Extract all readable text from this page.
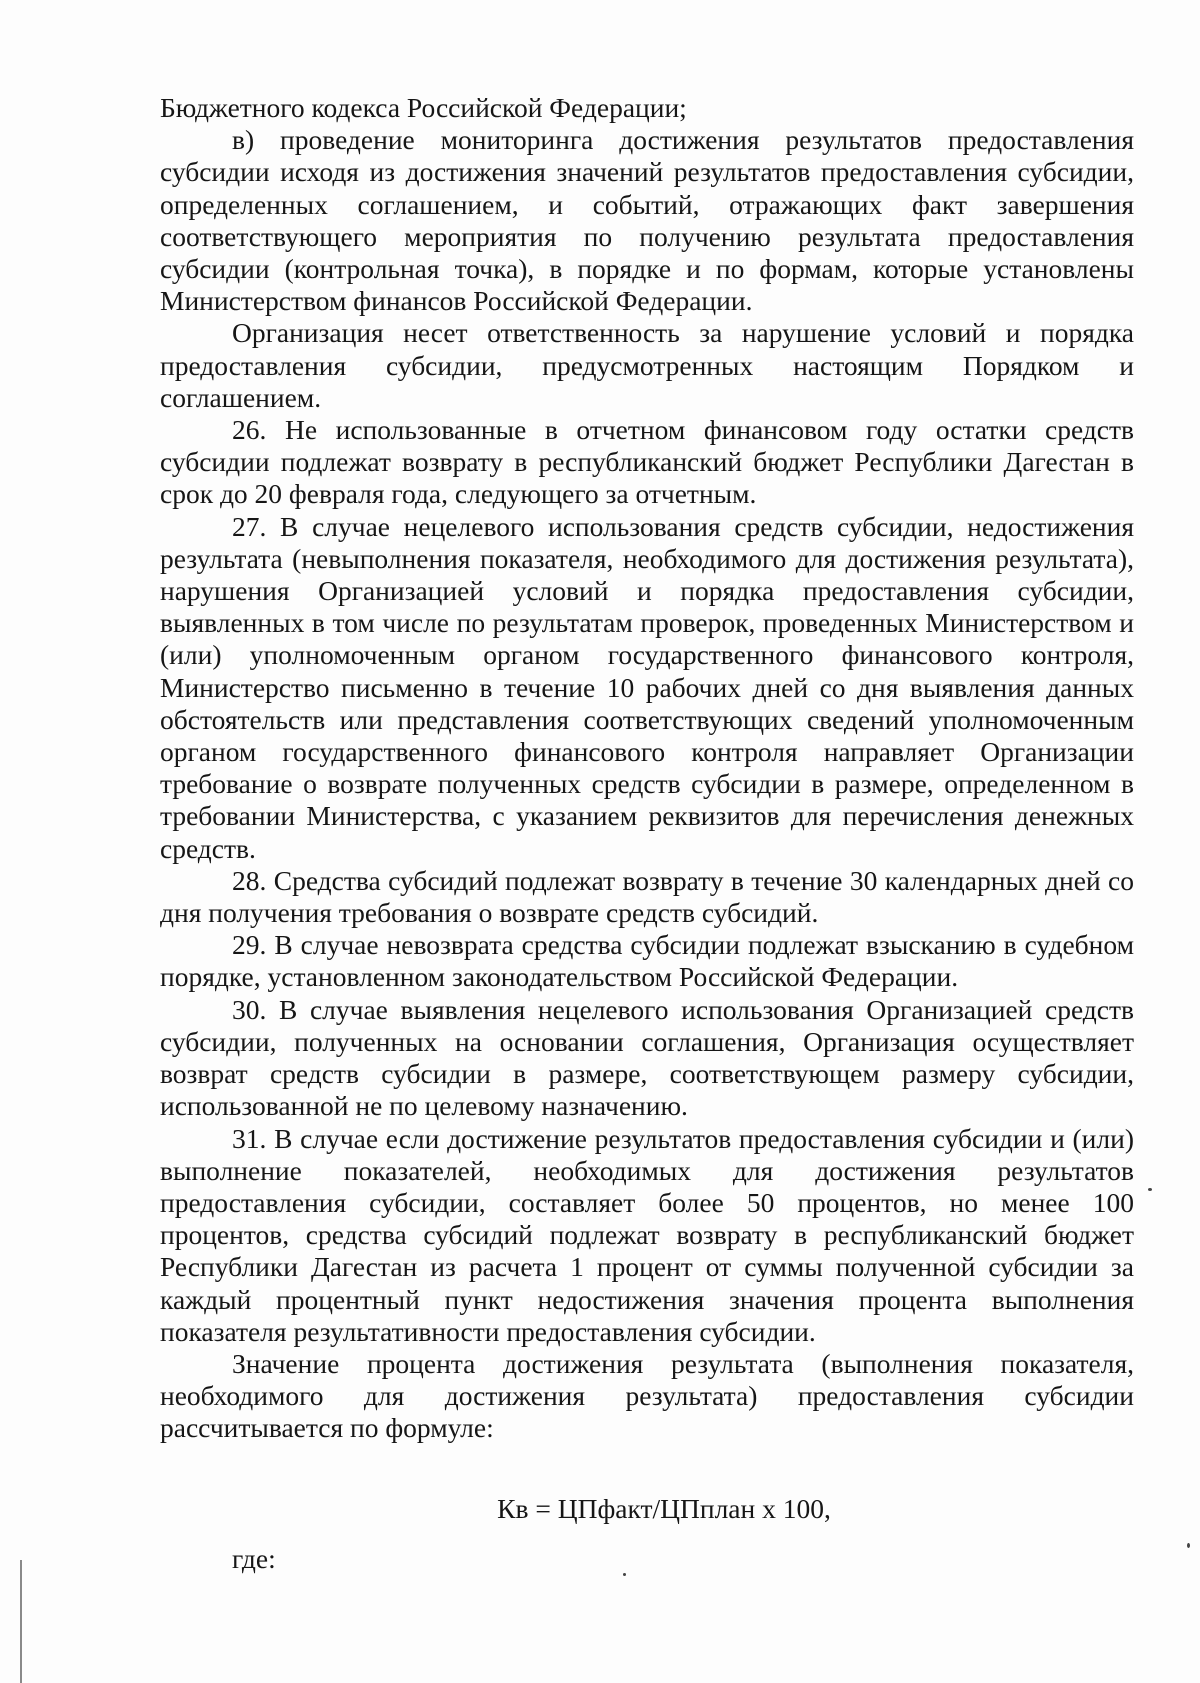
Бюджетного кодекса Российской Федерации;

в) проведение мониторинга достижения результатов предоставления субсидии исходя из достижения значений результатов предоставления субсидии, определенных соглашением, и событий, отражающих факт завершения соответствующего мероприятия по получению результата предоставления субсидии (контрольная точка), в порядке и по формам, которые установлены Министерством финансов Российской Федерации.

Организация несет ответственность за нарушение условий и порядка предоставления субсидии, предусмотренных настоящим Порядком и соглашением.

26. Не использованные в отчетном финансовом году остатки средств субсидии подлежат возврату в республиканский бюджет Республики Дагестан в срок до 20 февраля года, следующего за отчетным.

27. В случае нецелевого использования средств субсидии, недостижения результата (невыполнения показателя, необходимого для достижения результата), нарушения Организацией условий и порядка предоставления субсидии, выявленных в том числе по результатам проверок, проведенных Министерством и (или) уполномоченным органом государственного финансового контроля, Министерство письменно в течение 10 рабочих дней со дня выявления данных обстоятельств или представления соответствующих сведений уполномоченным органом государственного финансового контроля направляет Организации требование о возврате полученных средств субсидии в размере, определенном в требовании Министерства, с указанием реквизитов для перечисления денежных средств.

28. Средства субсидий подлежат возврату в течение 30 календарных дней со дня получения требования о возврате средств субсидий.

29. В случае невозврата средства субсидии подлежат взысканию в судебном порядке, установленном законодательством Российской Федерации.

30. В случае выявления нецелевого использования Организацией средств субсидии, полученных на основании соглашения, Организация осуществляет возврат средств субсидии в размере, соответствующем размеру субсидии, использованной не по целевому назначению.

31. В случае если достижение результатов предоставления субсидии и (или) выполнение показателей, необходимых для достижения результатов предоставления субсидии, составляет более 50 процентов, но менее 100 процентов, средства субсидий подлежат возврату в республиканский бюджет Республики Дагестан из расчета 1 процент от суммы полученной субсидии за каждый процентный пункт недостижения значения процента выполнения показателя результативности предоставления субсидии.

Значение процента достижения результата (выполнения показателя, необходимого для достижения результата) предоставления субсидии рассчитывается по формуле:

Кв = ЦПфакт/ЦПплан х 100,
где:
